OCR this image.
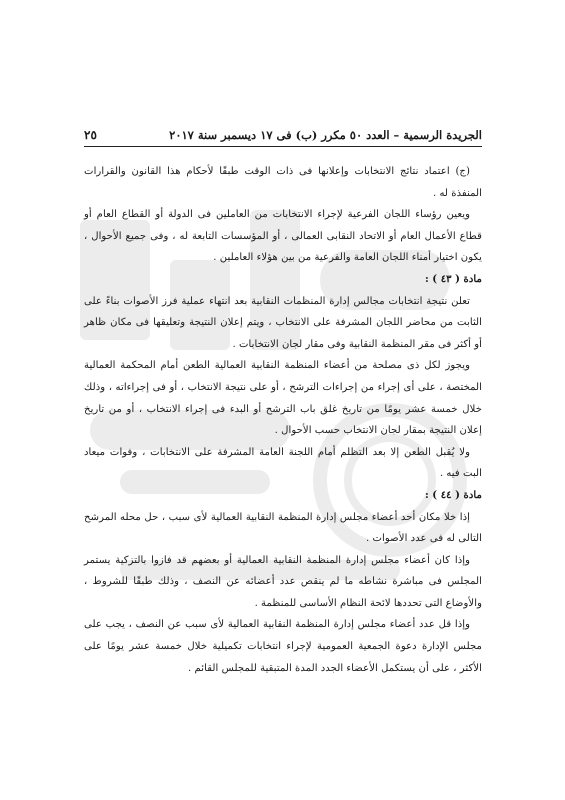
الجريدة الرسمية – العدد ٥٠ مكرر (ب) فى ١٧ ديسمبر سنة ٢٠١٧
٢٥

(ج) اعتماد نتائج الانتخابات وإعلانها فى ذات الوقت طبقًا لأحكام هذا القانون والقرارات المنفذة له .

ويعين رؤساء اللجان الفرعية لإجراء الانتخابات من العاملين فى الدولة أو القطاع العام أو قطاع الأعمال العام أو الاتحاد النقابى العمالى ، أو المؤسسات التابعة له ، وفى جميع الأحوال ، يكون اختيار أمناء اللجان العامة والفرعية من بين هؤلاء العاملين .

مادة ( ٤٣ ) :

تعلن نتيجة انتخابات مجالس إدارة المنظمات النقابية بعد انتهاء عملية فرز الأصوات بناءً على الثابت من محاضر اللجان المشرفة على الانتخاب ، ويتم إعلان النتيجة وتعليقها فى مكان ظاهر أو أكثر فى مقر المنظمة النقابية وفى مقار لجان الانتخابات .

ويجوز لكل ذى مصلحة من أعضاء المنظمة النقابية العمالية الطعن أمام المحكمة العمالية المختصة ، على أى إجراء من إجراءات الترشح ، أو على نتيجة الانتخاب ، أو فى إجراءاته ، وذلك خلال خمسة عشر يومًا من تاريخ غلق باب الترشح أو البدء فى إجراء الانتخاب ، أو من تاريخ إعلان النتيجة بمقار لجان الانتخاب حسب الأحوال .

ولا يُقبل الطعن إلا بعد التظلم أمام اللجنة العامة المشرفة على الانتخابات ، وفوات ميعاد البت فيه .

مادة ( ٤٤ ) :

إذا خلا مكان أحد أعضاء مجلس إدارة المنظمة النقابية العمالية لأى سبب ، حل محله المرشح التالى له فى عدد الأصوات .

وإذا كان أعضاء مجلس إدارة المنظمة النقابية العمالية أو بعضهم قد فازوا بالتزكية يستمر المجلس فى مباشرة نشاطه ما لم ينقص عدد أعضائه عن النصف ، وذلك طبقًا للشروط ، والأوضاع التى تحددها لائحة النظام الأساسى للمنظمة .

وإذا قل عدد أعضاء مجلس إدارة المنظمة النقابية العمالية لأى سبب عن النصف ، يجب على مجلس الإدارة دعوة الجمعية العمومية لإجراء انتخابات تكميلية خلال خمسة عشر يومًا على الأكثر ، على أن يستكمل الأعضاء الجدد المدة المتبقية للمجلس القائم .
